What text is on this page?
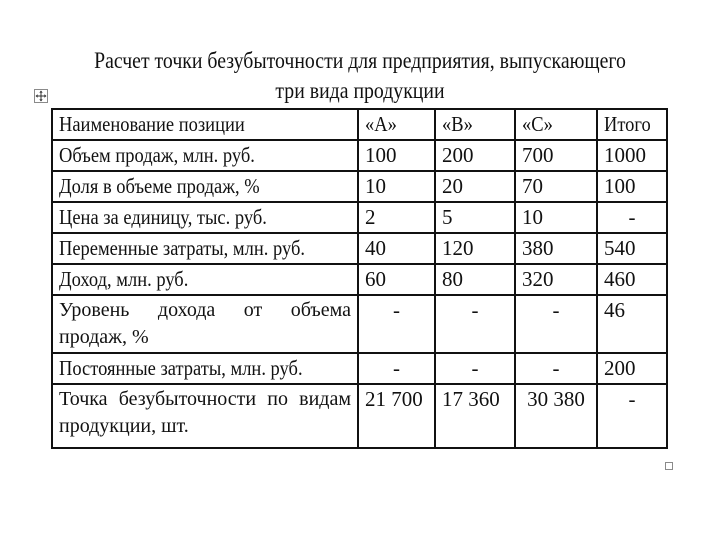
Расчет точки безубыточности для предприятия, выпускающего
три вида продукции
Наименование позиции	«А»	«В»	«С»	Итого
Объем продаж, млн. руб.	100	200	700	1000
Доля в объеме продаж, %	10	20	70	100
Цена за единицу, тыс. руб.	2	5	10	-
Переменные затраты, млн. руб.	40	120	380	540
Доход, млн. руб.	60	80	320	460
Уровень дохода от объема продаж, %	-	-	-	46
Постоянные затраты, млн. руб.	-	-	-	200
Точка безубыточности по видам продукции, шт.	21 700	17 360	30 380	-
